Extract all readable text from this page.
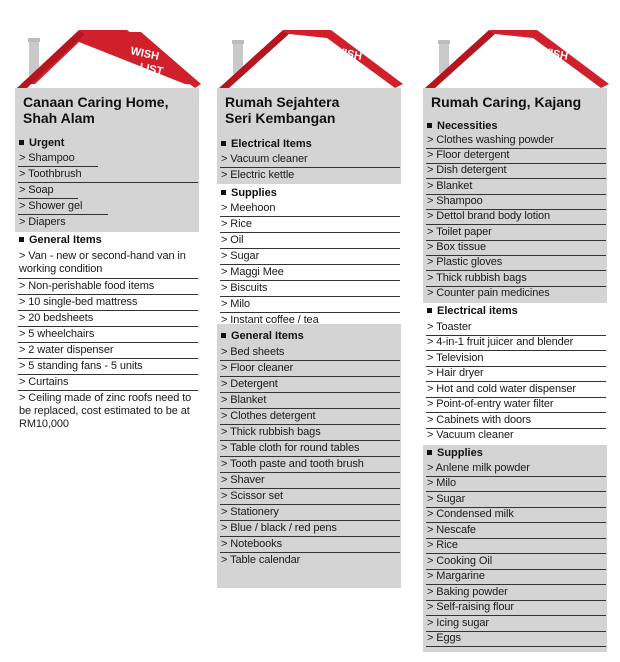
WISH
LIST
Canaan Caring Home,
Shah Alam
Urgent
> Shampoo
> Toothbrush
> Soap
> Shower gel
> Diapers
General Items
> Van - new or second-hand van in working condition
> Non-perishable food items
> 10 single-bed mattress
> 20 bedsheets
> 5 wheelchairs
> 2 water dispenser
> 5 standing fans - 5 units
> Curtains
> Ceiling made of zinc roofs need to be replaced, cost estimated to be at RM10,000
WISH
LIST
Rumah Sejahtera
Seri Kembangan
Electrical Items
> Vacuum cleaner
> Electric kettle
Supplies
> Meehoon
> Rice
> Oil
> Sugar
> Maggi Mee
> Biscuits
> Milo
> Instant coffee / tea
General Items
> Bed sheets
> Floor cleaner
> Detergent
> Blanket
> Clothes detergent
> Thick rubbish bags
> Table cloth for round tables
> Tooth paste and tooth brush
> Shaver
> Scissor set
> Stationery
> Blue / black / red pens
> Notebooks
> Table calendar
WISH
LIST
Rumah Caring, Kajang
Necessities
> Clothes washing powder
> Floor detergent
> Dish detergent
> Blanket
> Shampoo
> Dettol brand body lotion
> Toilet paper
> Box tissue
> Plastic gloves
> Thick rubbish bags
> Counter pain medicines
Electrical items
> Toaster
> 4-in-1 fruit juicer and blender
> Television
> Hair dryer
> Hot and cold water dispenser
> Point-of-entry water filter
> Cabinets with doors
> Vacuum cleaner
Supplies
> Anlene milk powder
> Milo
> Sugar
> Condensed milk
> Nescafe
> Rice
> Cooking Oil
> Margarine
> Baking powder
> Self-raising flour
> Icing sugar
> Eggs
